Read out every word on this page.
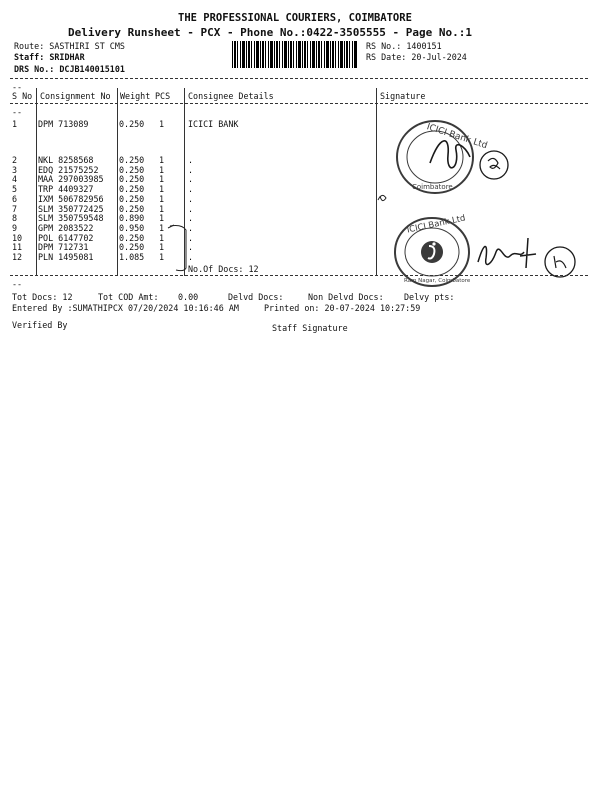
THE PROFESSIONAL COURIERS, COIMBATORE
Delivery Runsheet - PCX - Phone No.:0422-3505555 - Page No.:1
Route: SASTHIRI ST CMS
Staff: SRIDHAR
DRS No.: DCJB140015101
RS No.: 1400151
RS Date: 20-Jul-2024
--
S No Consignment No Weight PCS Consignee Details	Signature
--
1 DPM 713089	0.250 1	ICICI BANK
2 NKL 8258568	0.250 1	.
3 EDQ 21575252 0.250 1	.
4 MAA 297003985 0.250 1	.
5 TRP 4409327	0.250 1	.
6 IXM 506782956 0.250 1	.
7 SLM 350772425 0.250 1	.
8 SLM 350759548 0.890 1	.
9 GPM 2083522	0.950 1	.
10 POL 6147702	0.250 1	.
11 DPM 712731	0.250 1	.
12 PLN 1495081	1.085 1	.
No.Of Docs: 12
ICICI Bank Ltd
Coimbatore
ICICI Bank Ltd
Ram Nagar, Coimbatore
--
Tot Docs: 12	Tot COD Amt: 0.00	Delvd Docs:	Non Delvd Docs: Delvy pts:
Entered By :SUMATHIPCX 07/20/2024 10:16:46 AM	Printed on: 20-07-2024 10:27:59
Verified By	Staff Signature
